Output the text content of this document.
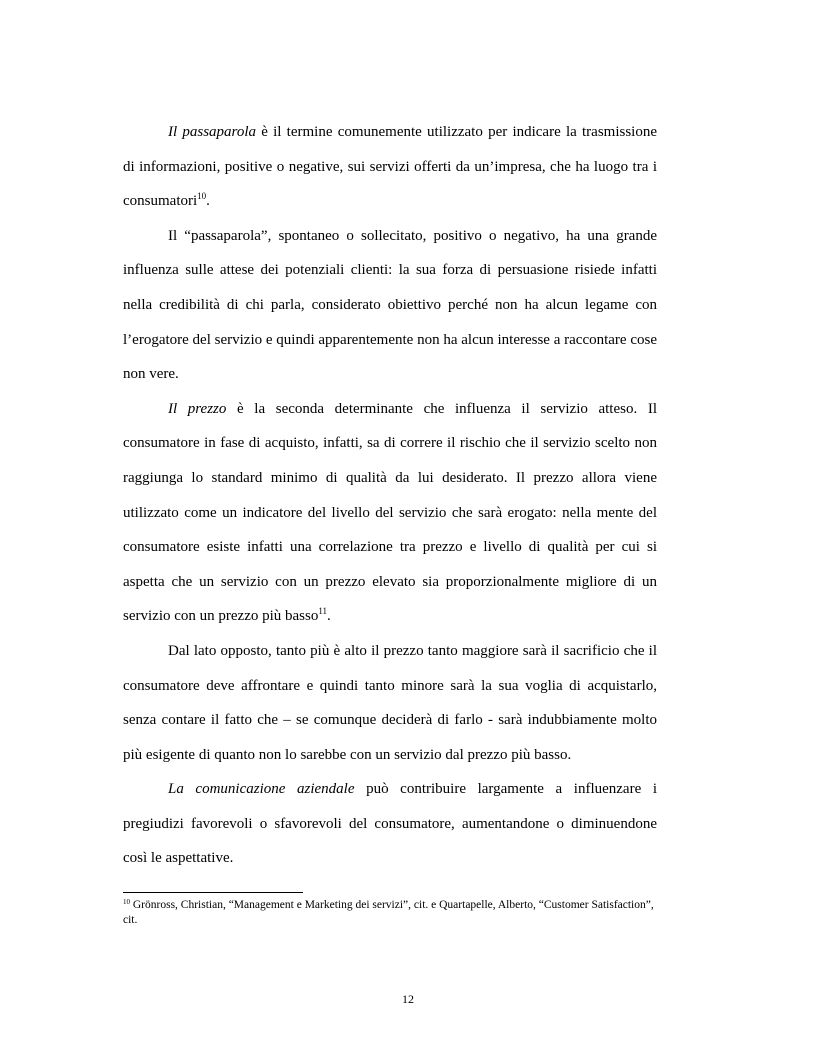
Il passaparola è il termine comunemente utilizzato per indicare la trasmissione di informazioni, positive o negative, sui servizi offerti da un’impresa, che ha luogo tra i consumatori$^{10}$.

Il “passaparola”, spontaneo o sollecitato, positivo o negativo, ha una grande influenza sulle attese dei potenziali clienti: la sua forza di persuasione risiede infatti nella credibilità di chi parla, considerato obiettivo perché non ha alcun legame con l’erogatore del servizio e quindi apparentemente non ha alcun interesse a raccontare cose non vere.

Il prezzo è la seconda determinante che influenza il servizio atteso. Il consumatore in fase di acquisto, infatti, sa di correre il rischio che il servizio scelto non raggiunga lo standard minimo di qualità da lui desiderato. Il prezzo allora viene utilizzato come un indicatore del livello del servizio che sarà erogato: nella mente del consumatore esiste infatti una correlazione tra prezzo e livello di qualità per cui si aspetta che un servizio con un prezzo elevato sia proporzionalmente migliore di un servizio con un prezzo più basso$^{11}$.

Dal lato opposto, tanto più è alto il prezzo tanto maggiore sarà il sacrificio che il consumatore deve affrontare e quindi tanto minore sarà la sua voglia di acquistarlo, senza contare il fatto che – se comunque deciderà di farlo - sarà indubbiamente molto più esigente di quanto non lo sarebbe con un servizio dal prezzo più basso.

La comunicazione aziendale può contribuire largamente a influenzare i pregiudizi favorevoli o sfavorevoli del consumatore, aumentandone o diminuendone così le aspettative.

$^{10}$ Grönross, Christian, “Management e Marketing dei servizi”, cit. e Quartapelle, Alberto, “Customer Satisfaction”, cit.

12
